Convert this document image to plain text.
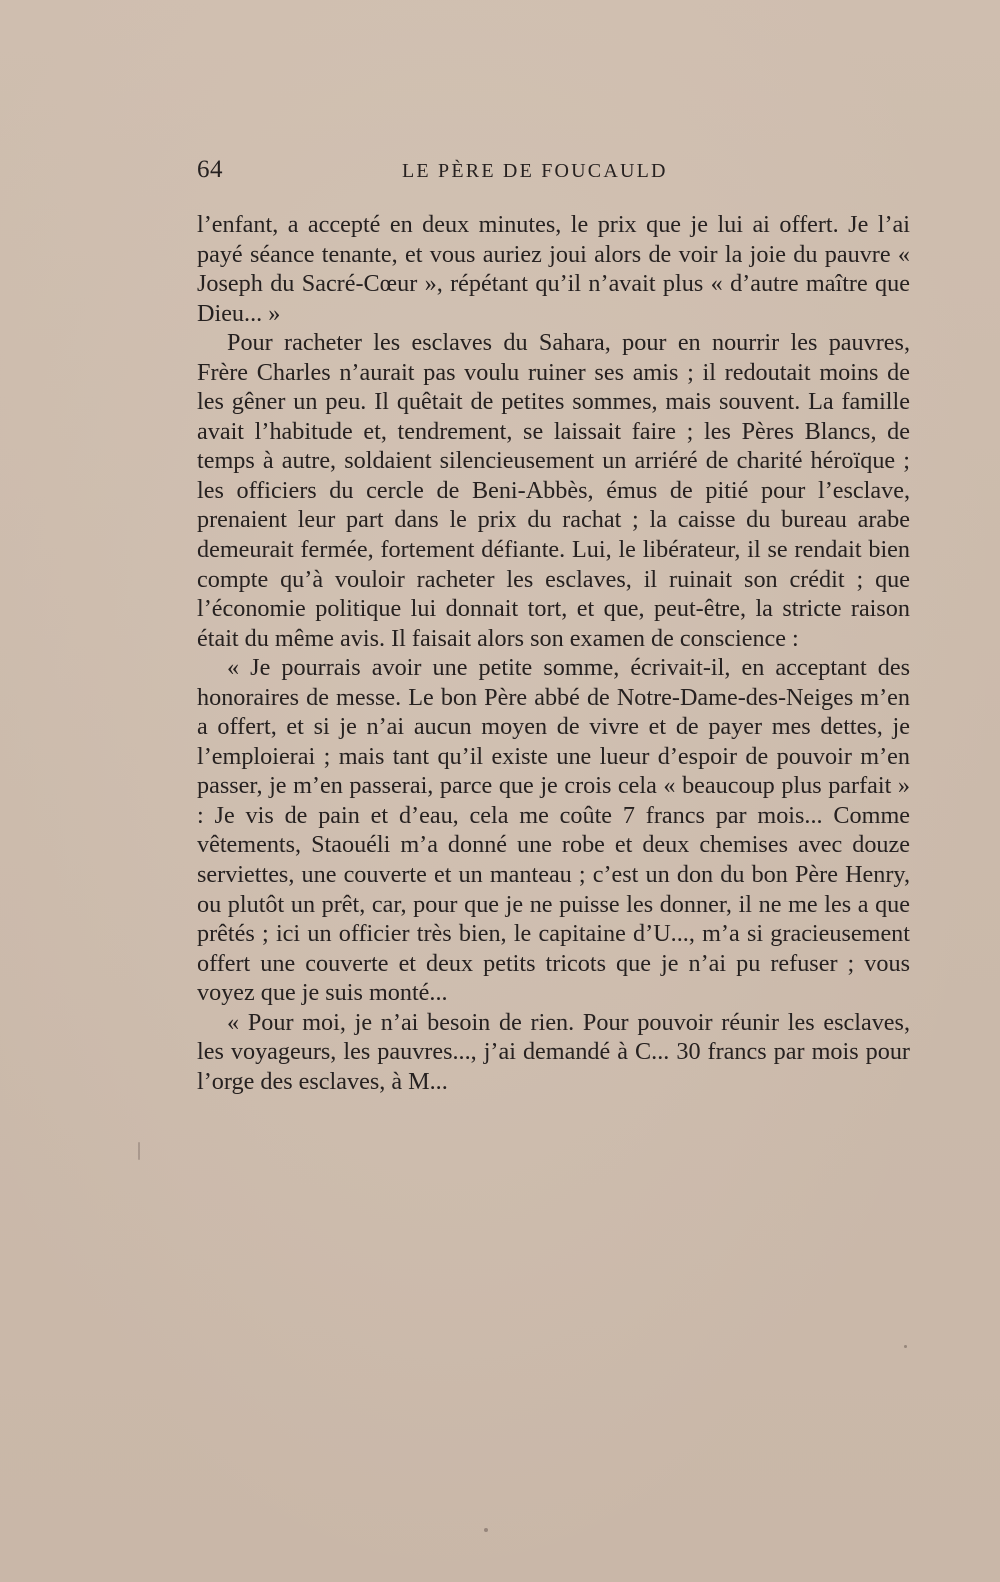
64	LE PÈRE DE FOUCAULD

l’enfant, a accepté en deux minutes, le prix que je lui ai offert. Je l’ai payé séance tenante, et vous auriez joui alors de voir la joie du pauvre « Joseph du Sacré-Cœur », répétant qu’il n’avait plus « d’autre maître que Dieu... »

Pour racheter les esclaves du Sahara, pour en nourrir les pauvres, Frère Charles n’aurait pas voulu ruiner ses amis ; il redoutait moins de les gêner un peu. Il quêtait de petites sommes, mais souvent. La famille avait l’habitude et, tendrement, se laissait faire ; les Pères Blancs, de temps à autre, soldaient silencieusement un arriéré de charité héroïque ; les officiers du cercle de Beni-Abbès, émus de pitié pour l’esclave, prenaient leur part dans le prix du rachat ; la caisse du bureau arabe demeurait fermée, fortement défiante. Lui, le libérateur, il se rendait bien compte qu’à vouloir racheter les esclaves, il ruinait son crédit ; que l’économie politique lui donnait tort, et que, peut-être, la stricte raison était du même avis. Il faisait alors son examen de conscience :

« Je pourrais avoir une petite somme, écrivait-il, en acceptant des honoraires de messe. Le bon Père abbé de Notre-Dame-des-Neiges m’en a offert, et si je n’ai aucun moyen de vivre et de payer mes dettes, je l’emploierai ; mais tant qu’il existe une lueur d’espoir de pouvoir m’en passer, je m’en passerai, parce que je crois cela « beaucoup plus parfait » : Je vis de pain et d’eau, cela me coûte 7 francs par mois... Comme vêtements, Staouéli m’a donné une robe et deux chemises avec douze serviettes, une couverte et un manteau ; c’est un don du bon Père Henry, ou plutôt un prêt, car, pour que je ne puisse les donner, il ne me les a que prêtés ; ici un officier très bien, le capitaine d’U..., m’a si gracieusement offert une couverte et deux petits tricots que je n’ai pu refuser ; vous voyez que je suis monté...

« Pour moi, je n’ai besoin de rien. Pour pouvoir réunir les esclaves, les voyageurs, les pauvres..., j’ai demandé à C... 30 francs par mois pour l’orge des esclaves, à M...
